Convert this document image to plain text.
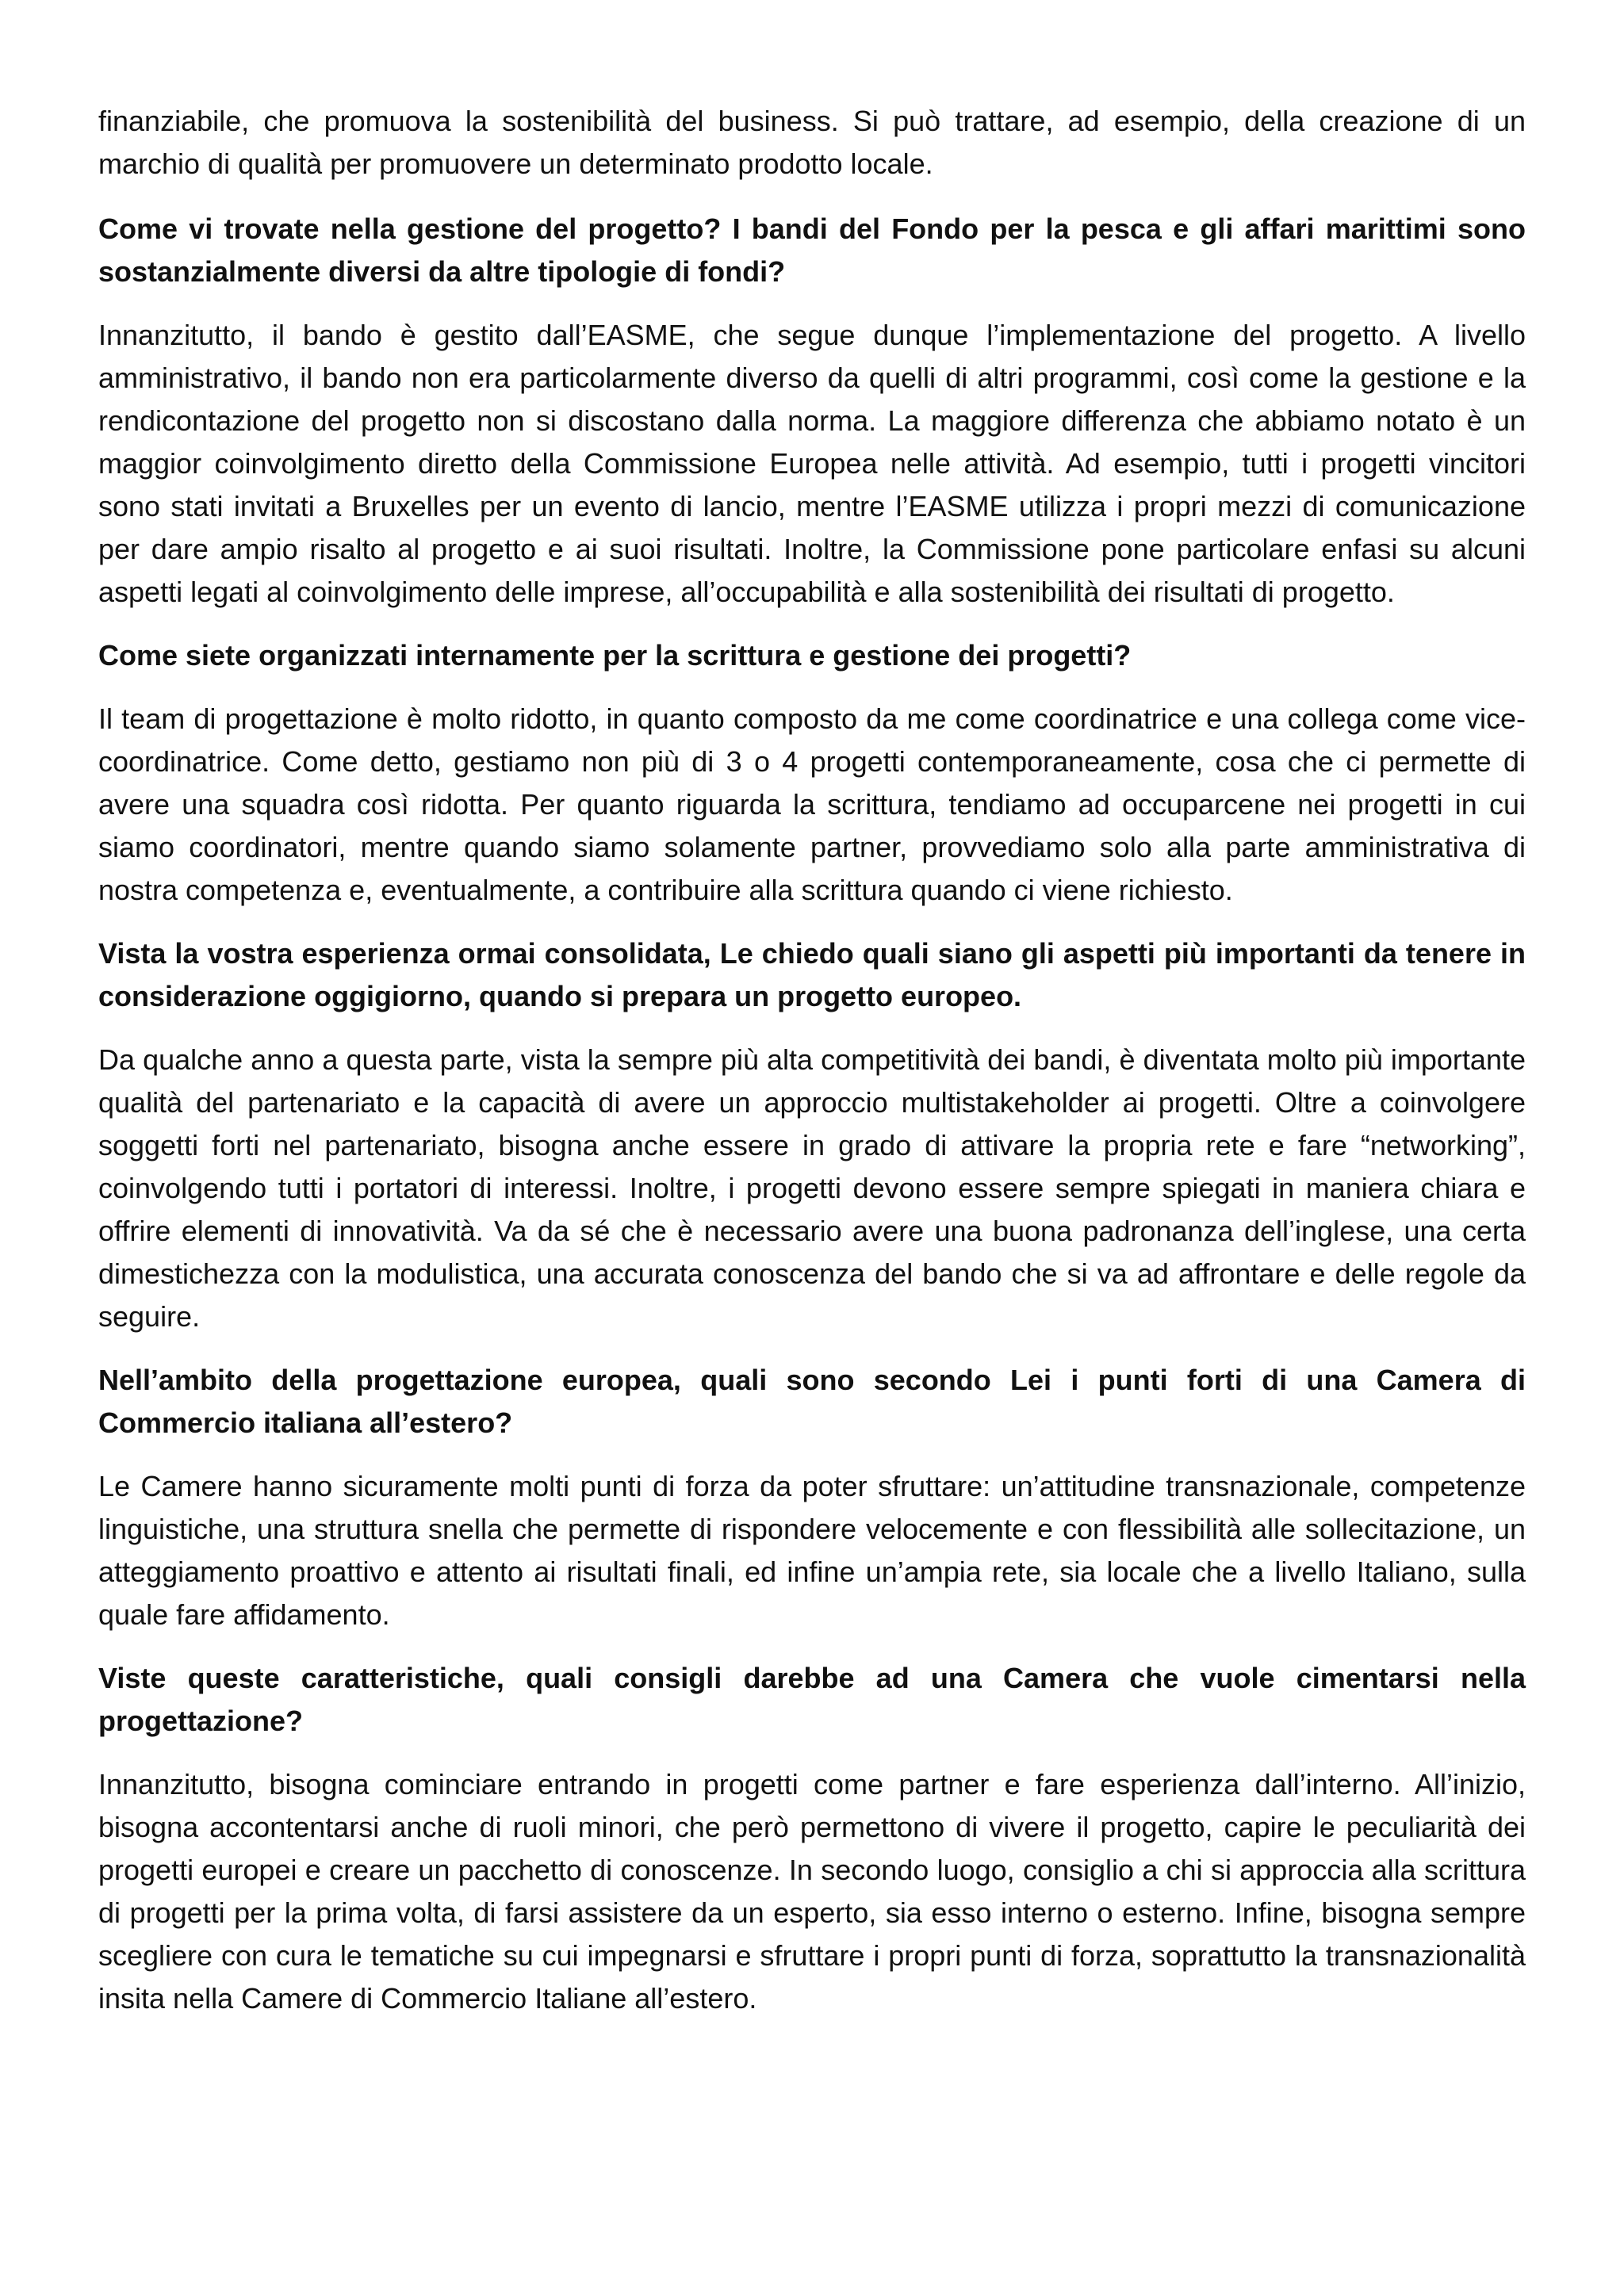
finanziabile, che promuova la sostenibilità del business. Si può trattare, ad esempio, della creazione di un marchio di qualità per promuovere un determinato prodotto locale.

Come vi trovate nella gestione del progetto? I bandi del Fondo per la pesca e gli affari marittimi sono sostanzialmente diversi da altre tipologie di fondi?

Innanzitutto, il bando è gestito dall’EASME, che segue dunque l’implementazione del progetto. A livello amministrativo, il bando non era particolarmente diverso da quelli di altri programmi, così come la gestione e la rendicontazione del progetto non si discostano dalla norma. La maggiore differenza che abbiamo notato è un maggior coinvolgimento diretto della Commissione Europea nelle attività. Ad esempio, tutti i progetti vincitori sono stati invitati a Bruxelles per un evento di lancio, mentre l’EASME utilizza i propri mezzi di comunicazione per dare ampio risalto al progetto e ai suoi risultati. Inoltre, la Commissione pone particolare enfasi su alcuni aspetti legati al coinvolgimento delle imprese, all’occupabilità e alla sostenibilità dei risultati di progetto.

Come siete organizzati internamente per la scrittura e gestione dei progetti?

Il team di progettazione è molto ridotto, in quanto composto da me come coordinatrice e una collega come vice-coordinatrice. Come detto, gestiamo non più di 3 o 4 progetti contemporaneamente, cosa che ci permette di avere una squadra così ridotta. Per quanto riguarda la scrittura, tendiamo ad occuparcene nei progetti in cui siamo coordinatori, mentre quando siamo solamente partner, provvediamo solo alla parte amministrativa di nostra competenza e, eventualmente, a contribuire alla scrittura quando ci viene richiesto.

Vista la vostra esperienza ormai consolidata, Le chiedo quali siano gli aspetti più importanti da tenere in considerazione oggigiorno, quando si prepara un progetto europeo.

Da qualche anno a questa parte, vista la sempre più alta competitività dei bandi, è diventata molto più importante qualità del partenariato e la capacità di avere un approccio multistakeholder ai progetti. Oltre a coinvolgere soggetti forti nel partenariato, bisogna anche essere in grado di attivare la propria rete e fare “networking”, coinvolgendo tutti i portatori di interessi. Inoltre, i progetti devono essere sempre spiegati in maniera chiara e offrire elementi di innovatività. Va da sé che è necessario avere una buona padronanza dell’inglese, una certa dimestichezza con la modulistica, una accurata conoscenza del bando che si va ad affrontare e delle regole da seguire.

Nell’ambito della progettazione europea, quali sono secondo Lei i punti forti di una Camera di Commercio italiana all’estero?

Le Camere hanno sicuramente molti punti di forza da poter sfruttare: un’attitudine transnazionale, competenze linguistiche, una struttura snella che permette di rispondere velocemente e con flessibilità alle sollecitazione, un atteggiamento proattivo e attento ai risultati finali, ed infine un’ampia rete, sia locale che a livello Italiano, sulla quale fare affidamento.

Viste queste caratteristiche, quali consigli darebbe ad una Camera che vuole cimentarsi nella progettazione?

Innanzitutto, bisogna cominciare entrando in progetti come partner e fare esperienza dall’interno. All’inizio, bisogna accontentarsi anche di ruoli minori, che però permettono di vivere il progetto, capire le peculiarità dei progetti europei e creare un pacchetto di conoscenze. In secondo luogo, consiglio a chi si approccia alla scrittura di progetti per la prima volta, di farsi assistere da un esperto, sia esso interno o esterno. Infine, bisogna sempre scegliere con cura le tematiche su cui impegnarsi e sfruttare i propri punti di forza, soprattutto la transnazionalità insita nella Camere di Commercio Italiane all’estero.
